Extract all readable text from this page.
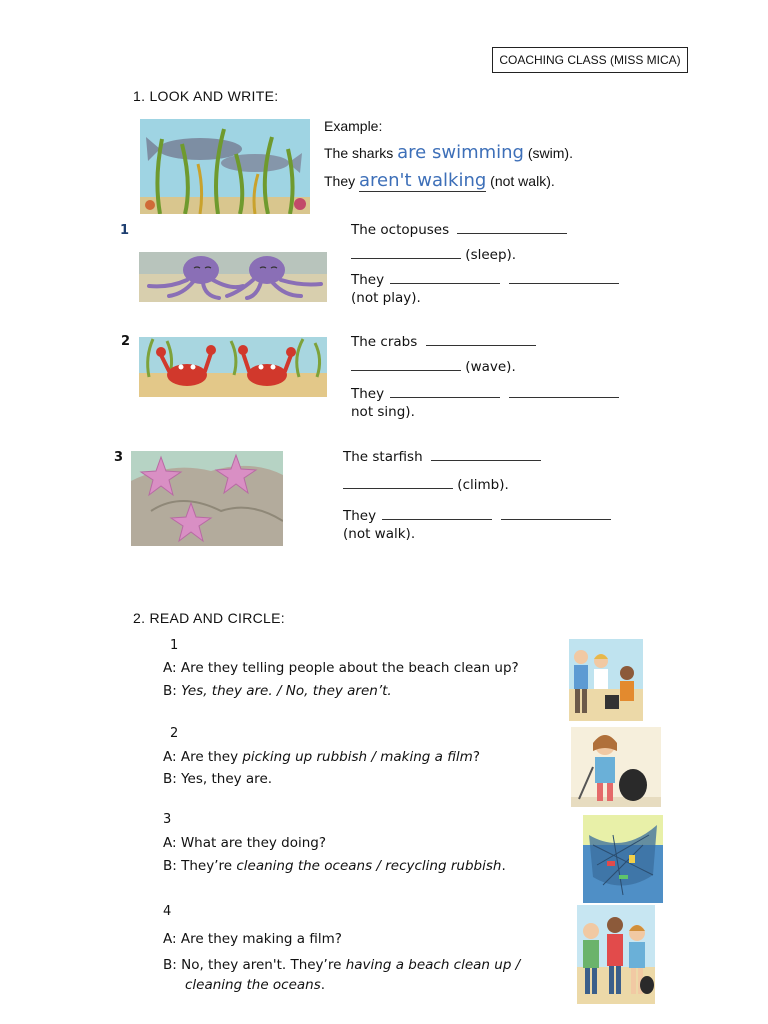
COACHING CLASS (MISS MICA)
1. LOOK AND WRITE:
Example:
The sharks are swimming (swim).
They aren't walking (not walk).
1	The octopuses
(sleep).
They
(not play).
2	The crabs
(wave).
They
not sing).
3	The starfish
(climb).
They
(not walk).
2. READ AND CIRCLE:
1
A: Are they telling people about the beach clean up?
B: Yes, they are. / No, they aren’t.
2
A: Are they picking up rubbish / making a film?
B: Yes, they are.
3
A: What are they doing?
B: They’re cleaning the oceans / recycling rubbish.
4
A: Are they making a film?
B: No, they aren't. They’re having a beach clean up /
cleaning the oceans.
